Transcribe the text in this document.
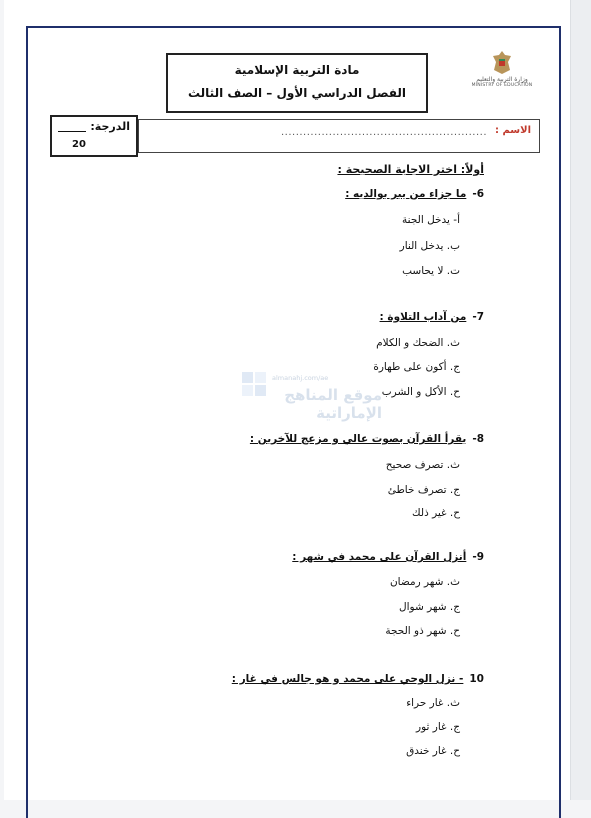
وزارة التربية والتعليم
MINISTRY OF EDUCATION
مادة التربية الإسلامية
الفصل الدراسي الأول – الصف الثالث
الدرجة:
20
الاسم :
........................................................
أولاً: اختر الاجابة الصحيحة :
almanahj.com/ae
موقع المناهج الإماراتية
6-ما جزاء من يبر بوالديه :
أ- يدخل الجنة
ب. يدخل النار
ت. لا يحاسب
7-من آداب التلاوة :
ث. الضحك و الكلام
ج. أكون على طهارة
ح. الأكل و الشرب
8-يقرأ القرآن بصوت عالي و مزعج للآخرين :
ث. تصرف صحيح
ج. تصرف خاطئ
ح. غير ذلك
9-أنزل القرآن على محمد في شهر :
ث. شهر رمضان
ج. شهر شوال
ح. شهر ذو الحجة
10- نزل الوحي على محمد و هو جالس في غار :
ث. غار حراء
ج. غار ثور
ح. غار خندق
